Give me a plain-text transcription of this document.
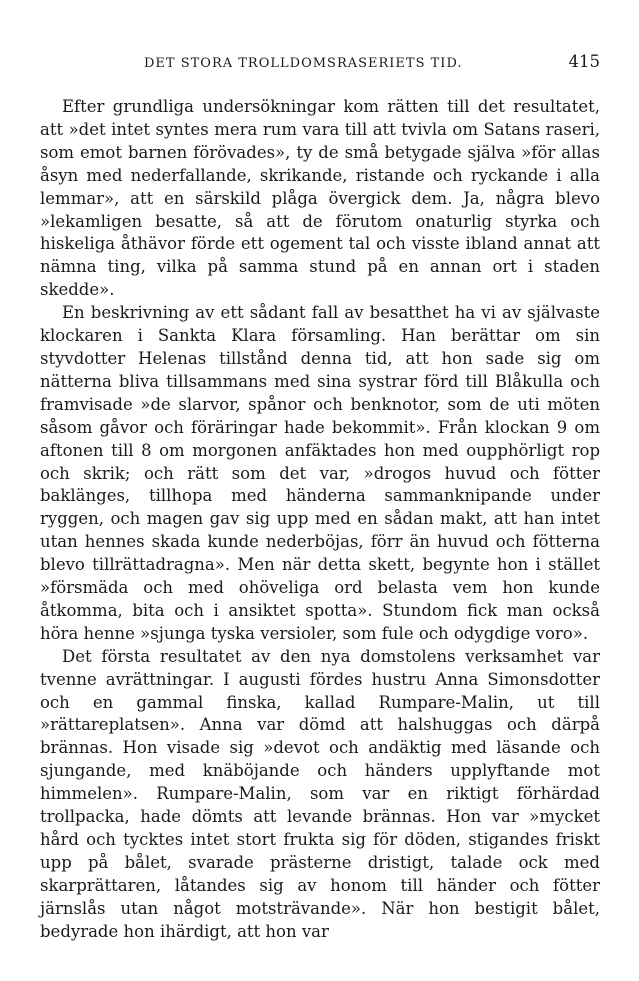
DET STORA TROLLDOMSRASERIETS TID.	415

Efter grundliga undersökningar kom rätten till det resultatet, att »det intet syntes mera rum vara till att tvivla om Satans raseri, som emot barnen förövades», ty de små betygade själva »för allas åsyn med nederfallande, skrikande, ristande och ryckande i alla lemmar», att en särskild plåga övergick dem. Ja, några blevo »lekamligen besatte, så att de förutom onaturlig styrka och hiskeliga åthävor förde ett ogement tal och visste ibland annat att nämna ting, vilka på samma stund på en annan ort i staden skedde».

En beskrivning av ett sådant fall av besatthet ha vi av självaste klockaren i Sankta Klara församling. Han berättar om sin styvdotter Helenas tillstånd denna tid, att hon sade sig om nätterna bliva tillsammans med sina systrar förd till Blåkulla och framvisade »de slarvor, spånor och benknotor, som de uti möten såsom gåvor och föräringar hade bekommit». Från klockan 9 om aftonen till 8 om morgonen anfäktades hon med oupphörligt rop och skrik; och rätt som det var, »drogos huvud och fötter baklänges, tillhopa med händerna sammanknipande under ryggen, och magen gav sig upp med en sådan makt, att han intet utan hennes skada kunde nederböjas, förr än huvud och fötterna blevo tillrättadragna». Men när detta skett, begynte hon i stället »försmäda och med ohöveliga ord belasta vem hon kunde åtkomma, bita och i ansiktet spotta». Stundom fick man också höra henne »sjunga tyska versioler, som fule och odygdige voro».

Det första resultatet av den nya domstolens verksamhet var tvenne avrättningar. I augusti fördes hustru Anna Simonsdotter och en gammal finska, kallad Rumpare-Malin, ut till »rättareplatsen». Anna var dömd att halshuggas och därpå brännas. Hon visade sig »devot och andäktig med läsande och sjungande, med knäböjande och händers upplyftande mot himmelen». Rumpare-Malin, som var en riktigt förhärdad trollpacka, hade dömts att levande brännas. Hon var »mycket hård och tycktes intet stort frukta sig för döden, stigandes friskt upp på bålet, svarade prästerne dristigt, talade ock med skarprättaren, låtandes sig av honom till händer och fötter järnslås utan något motsträvande». När hon bestigit bålet, bedyrade hon ihärdigt, att hon var
